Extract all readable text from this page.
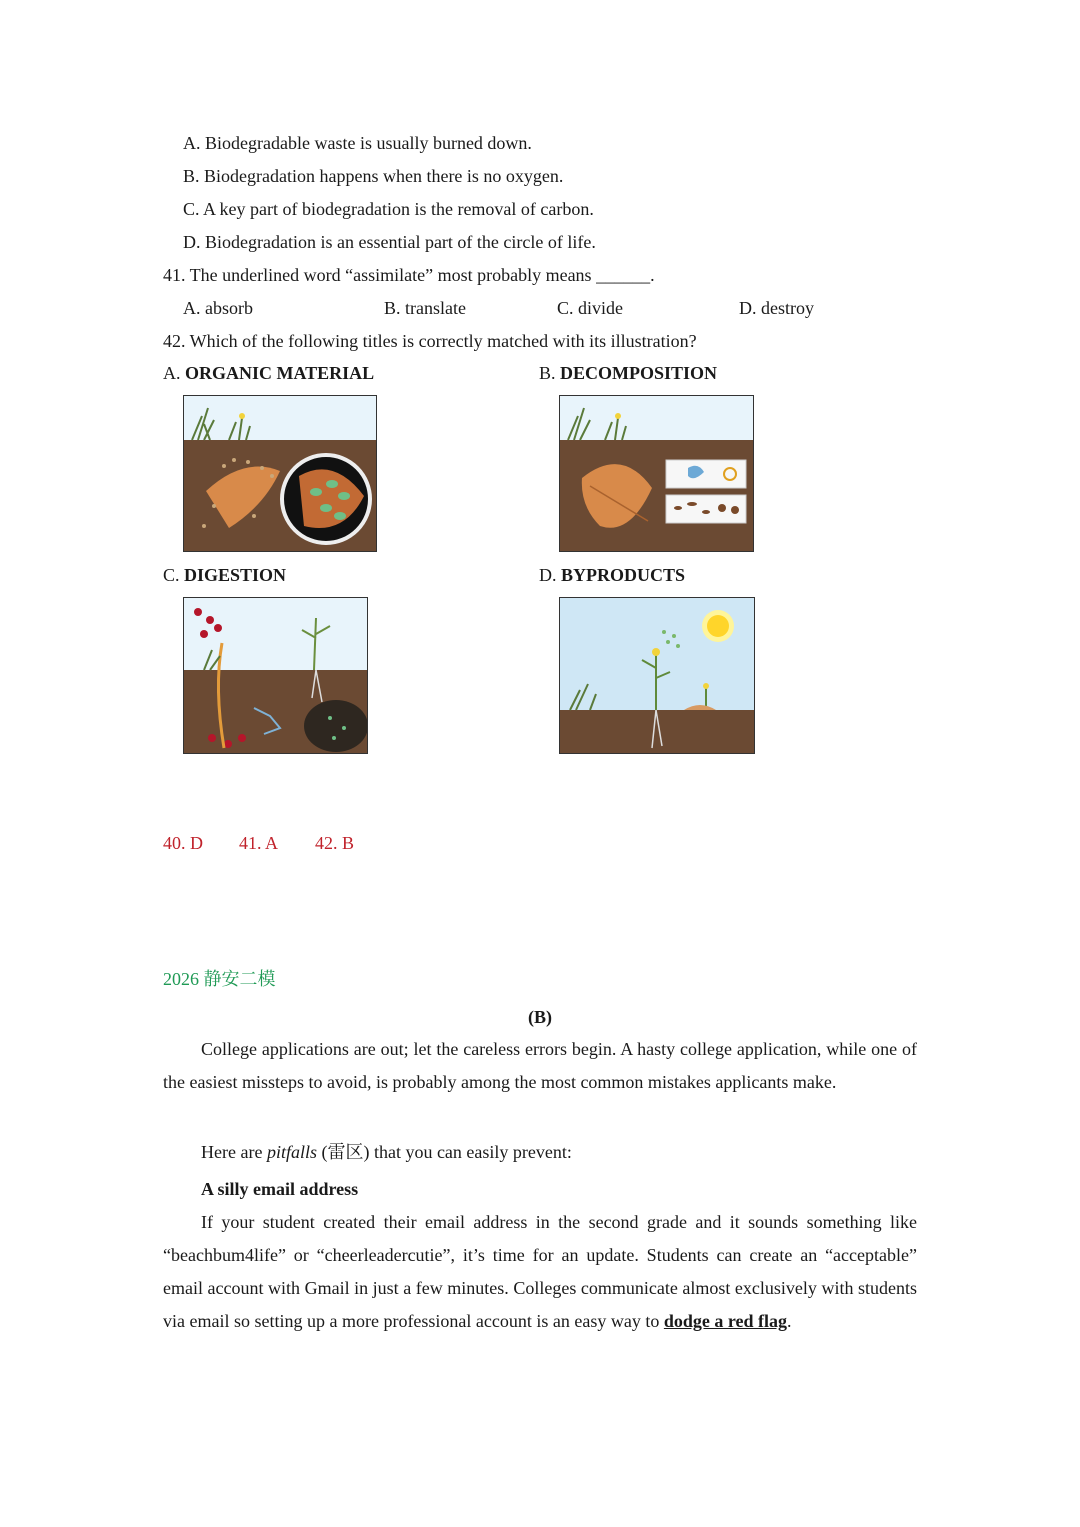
A. Biodegradable waste is usually burned down.
B. Biodegradation happens when there is no oxygen.
C. A key part of biodegradation is the removal of carbon.
D. Biodegradation is an essential part of the circle of life.
41. The underlined word “assimilate” most probably means ______.
A. absorb	B. translate	C. divide	D. destroy
42. Which of the following titles is correctly matched with its illustration?
A. ORGANIC MATERIAL	B. DECOMPOSITION
C. DIGESTION	D. BYPRODUCTS
40. D 41. A 42. B
2026 静安二模
(B)

College applications are out; let the careless errors begin. A hasty college application, while one of the easiest missteps to avoid, is probably among the most common mistakes applicants make.

Here are pitfalls (雷区) that you can easily prevent:

A silly email address

If your student created their email address in the second grade and it sounds something like “beachbum4life” or “cheerleadercutie”, it’s time for an update. Students can create an “acceptable” email account with Gmail in just a few minutes. Colleges communicate almost exclusively with students via email so setting up a more professional account is an easy way to dodge a red flag.
